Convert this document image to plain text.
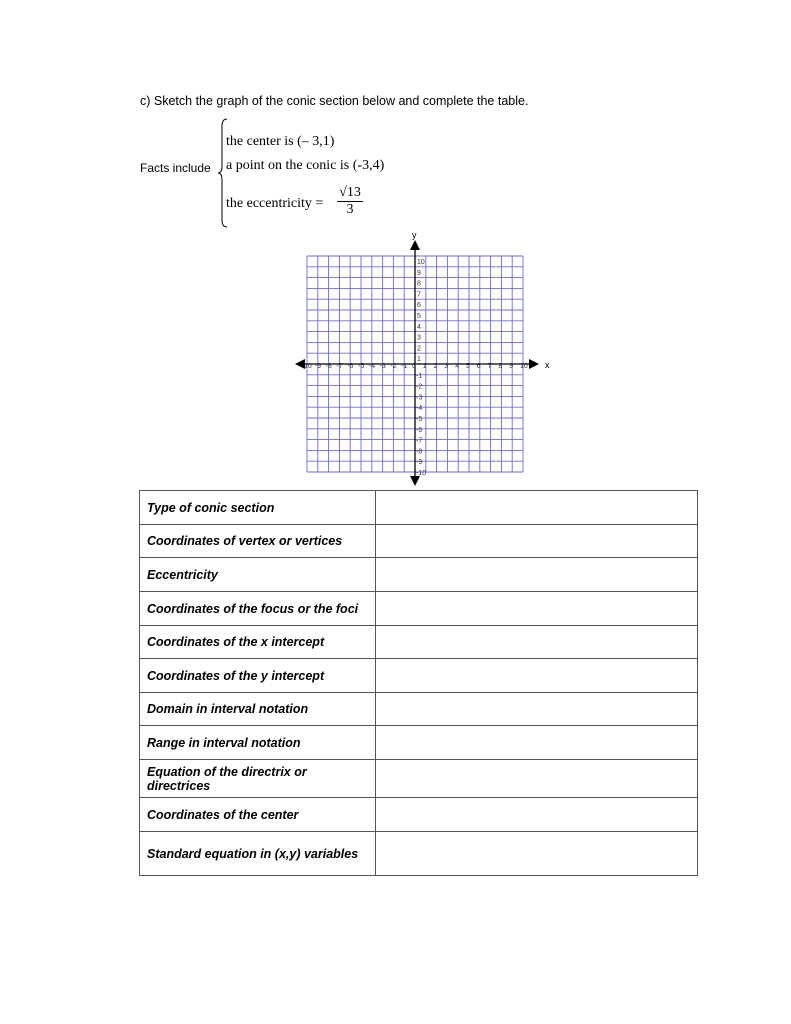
c) Sketch the graph of the conic section below and complete the table.
Facts include
the center is (– 3,1)
a point on the conic is (-3,4)
the eccentricity = $\frac{√13}{3}$
x
y
10 -9 -8 -7 -6 -5 -4 -3 -2 -1 0 1 2 3 4 5 6 7 8 9 10
1
2
3
4
5
6
7
8
9
10
-1
-2
-3
-4
-5
-6
-7
-8
-9
-10
Type of conic section	
Coordinates of vertex or vertices	
Eccentricity	
Coordinates of the focus or the foci	
Coordinates of the x intercept	
Coordinates of the y intercept	
Domain in interval notation	
Range in interval notation	
Equation of the directrix or directrices	
Coordinates of the center	
Standard equation in (x,y) variables	
